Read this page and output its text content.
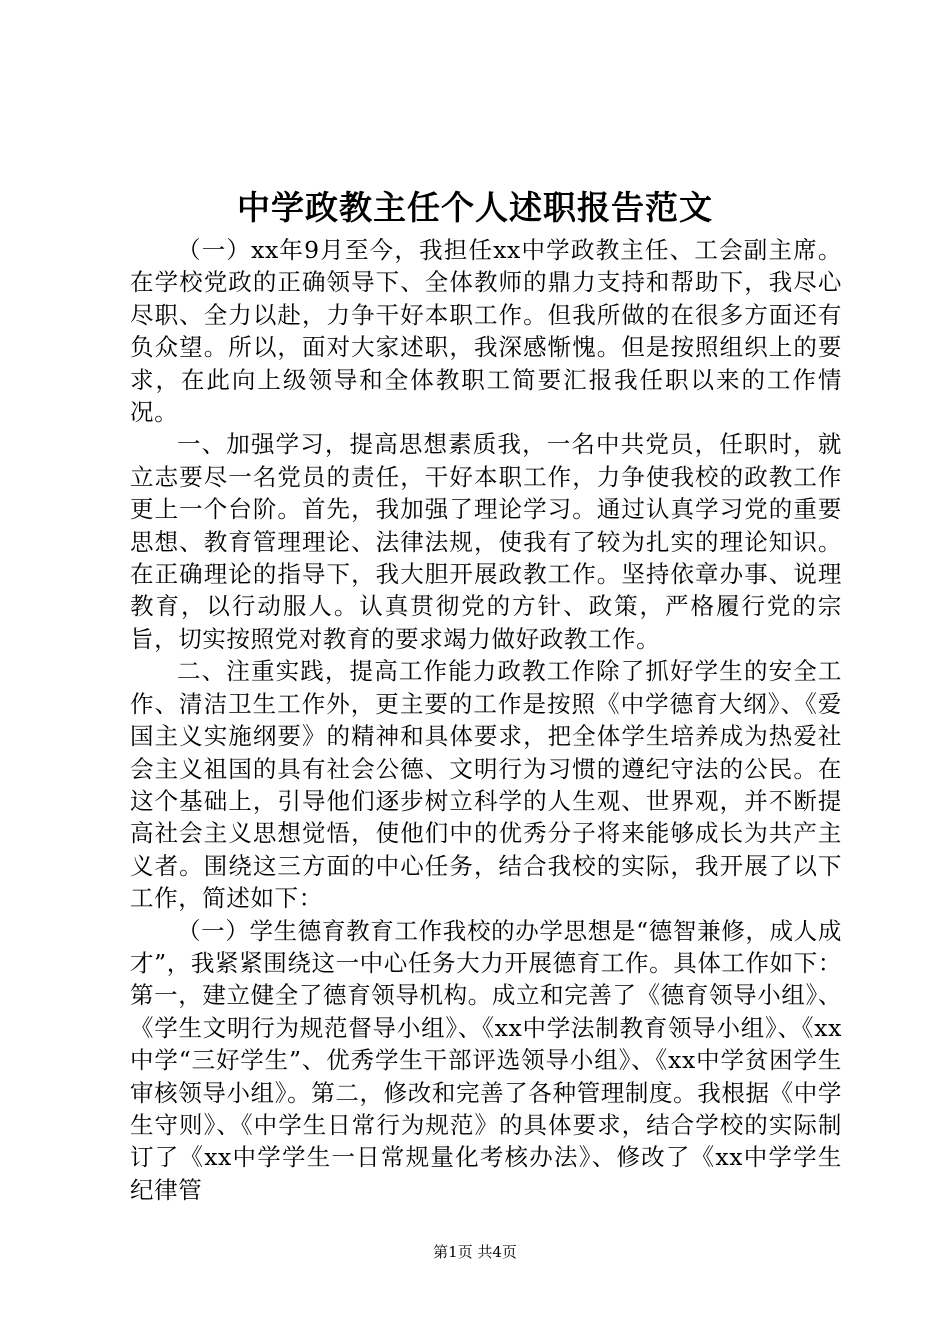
中学政教主任个人述职报告范文

（一）xx年9月至今，我担任xx中学政教主任、工会副主席。在学校党政的正确领导下、全体教师的鼎力支持和帮助下，我尽心尽职、全力以赴，力争干好本职工作。但我所做的在很多方面还有负众望。所以，面对大家述职，我深感惭愧。但是按照组织上的要求，在此向上级领导和全体教职工简要汇报我任职以来的工作情况。

一、加强学习，提高思想素质我，一名中共党员，任职时，就立志要尽一名党员的责任，干好本职工作，力争使我校的政教工作更上一个台阶。首先，我加强了理论学习。通过认真学习党的重要思想、教育管理理论、法律法规，使我有了较为扎实的理论知识。在正确理论的指导下，我大胆开展政教工作。坚持依章办事、说理教育，以行动服人。认真贯彻党的方针、政策，严格履行党的宗旨，切实按照党对教育的要求竭力做好政教工作。

二、注重实践，提高工作能力政教工作除了抓好学生的安全工作、清洁卫生工作外，更主要的工作是按照《中学德育大纲》、《爱国主义实施纲要》的精神和具体要求，把全体学生培养成为热爱社会主义祖国的具有社会公德、文明行为习惯的遵纪守法的公民。在这个基础上，引导他们逐步树立科学的人生观、世界观，并不断提高社会主义思想觉悟，使他们中的优秀分子将来能够成长为共产主义者。围绕这三方面的中心任务，结合我校的实际，我开展了以下工作，简述如下：

（一）学生德育教育工作我校的办学思想是“德智兼修，成人成才”，我紧紧围绕这一中心任务大力开展德育工作。具体工作如下：第一，建立健全了德育领导机构。成立和完善了《德育领导小组》、《学生文明行为规范督导小组》、《xx中学法制教育领导小组》、《xx中学“三好学生”、优秀学生干部评选领导小组》、《xx中学贫困学生审核领导小组》。第二，修改和完善了各种管理制度。我根据《中学生守则》、《中学生日常行为规范》的具体要求，结合学校的实际制订了《xx中学学生一日常规量化考核办法》、修改了《xx中学学生纪律管

第1页 共4页
